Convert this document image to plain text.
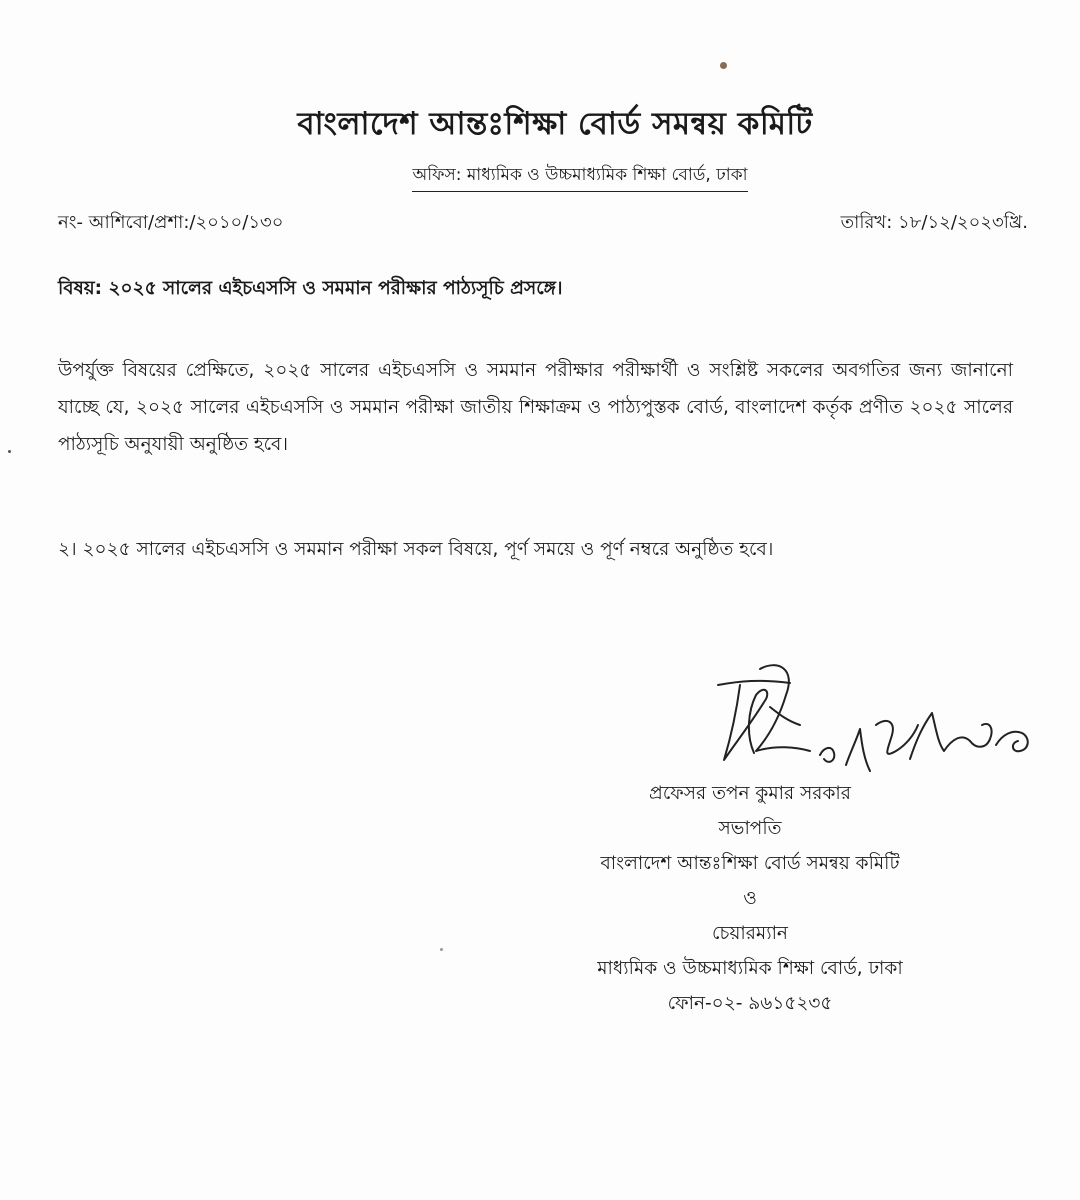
বাংলাদেশ আন্তঃশিক্ষা বোর্ড সমন্বয় কমিটি
অফিস: মাধ্যমিক ও উচ্চমাধ্যমিক শিক্ষা বোর্ড, ঢাকা
নং- আশিবো/প্রশা:/২০১০/১৩০	তারিখ: ১৮/১২/২০২৩খ্রি.
বিষয়: ২০২৫ সালের এইচএসসি ও সমমান পরীক্ষার পাঠ্যসূচি প্রসঙ্গে।
উপর্যুক্ত বিষয়ের প্রেক্ষিতে, ২০২৫ সালের এইচএসসি ও সমমান পরীক্ষার পরীক্ষার্থী ও সংশ্লিষ্ট সকলের অবগতির জন্য জানানো যাচ্ছে যে, ২০২৫ সালের এইচএসসি ও সমমান পরীক্ষা জাতীয় শিক্ষাক্রম ও পাঠ্যপুস্তক বোর্ড, বাংলাদেশ কর্তৃক প্রণীত ২০২৫ সালের পাঠ্যসূচি অনুযায়ী অনুষ্ঠিত হবে।
২। ২০২৫ সালের এইচএসসি ও সমমান পরীক্ষা সকল বিষয়ে, পূর্ণ সময়ে ও পূর্ণ নম্বরে অনুষ্ঠিত হবে।
প্রফেসর তপন কুমার সরকার
সভাপতি
বাংলাদেশ আন্তঃশিক্ষা বোর্ড সমন্বয় কমিটি
ও
চেয়ারম্যান
মাধ্যমিক ও উচ্চমাধ্যমিক শিক্ষা বোর্ড, ঢাকা
ফোন-০২- ৯৬১৫২৩৫
